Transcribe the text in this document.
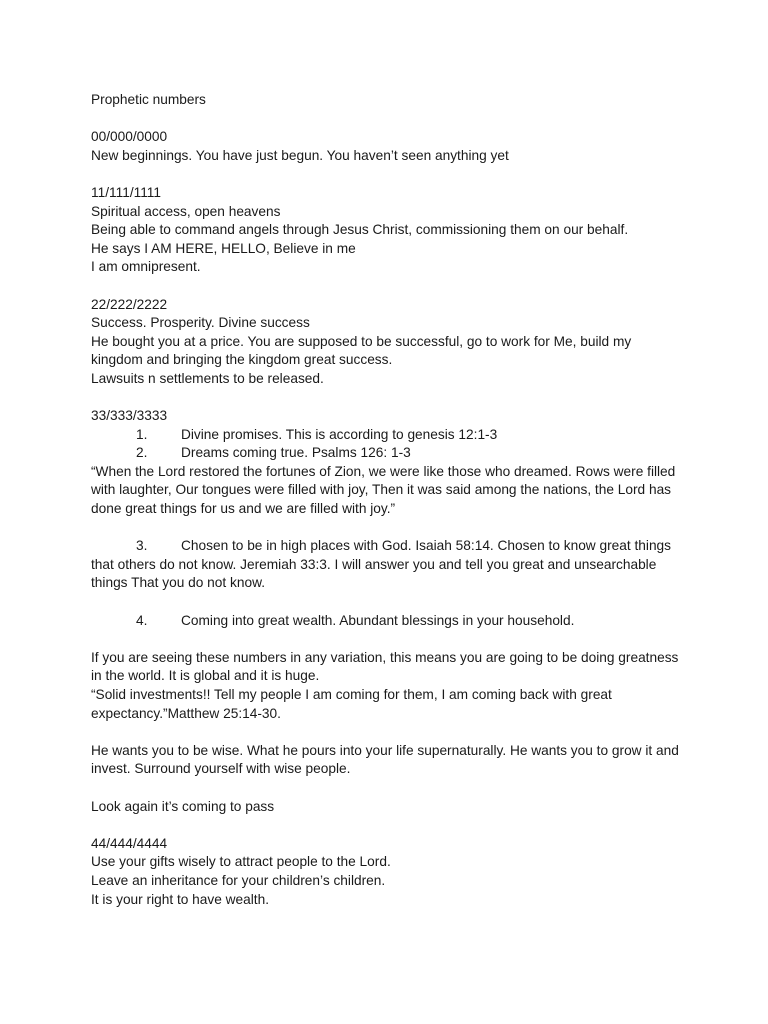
Prophetic numbers
00/000/0000
New beginnings. You have just begun. You haven’t seen anything yet
11/111/1111
Spiritual access, open heavens
Being able to command angels through Jesus Christ, commissioning them on our behalf.
He says I AM HERE, HELLO, Believe in me
I am omnipresent.
22/222/2222
Success. Prosperity. Divine success
He bought you at a price. You are supposed to be successful, go to work for Me, build my kingdom and bringing the kingdom great success.
Lawsuits n settlements to be released.
33/333/3333
1. Divine promises. This is according to genesis 12:1-3
2. Dreams coming true. Psalms 126: 1-3
“When the Lord restored the fortunes of Zion, we were like those who dreamed. Rows were filled with laughter, Our tongues were filled with joy, Then it was said among the nations, the Lord has done great things for us and we are filled with joy.”
3. Chosen to be in high places with God. Isaiah 58:14. Chosen to know great things that others do not know. Jeremiah 33:3. I will answer you and tell you great and unsearchable things That you do not know.
4. Coming into great wealth. Abundant blessings in your household.
If you are seeing these numbers in any variation, this means you are going to be doing greatness in the world. It is global and it is huge.
“Solid investments!! Tell my people I am coming for them, I am coming back with great expectancy.”Matthew 25:14-30.
He wants you to be wise. What he pours into your life supernaturally. He wants you to grow it and invest. Surround yourself with wise people.
Look again it’s coming to pass
44/444/4444
Use your gifts wisely to attract people to the Lord.
Leave an inheritance for your children’s children.
It is your right to have wealth.
